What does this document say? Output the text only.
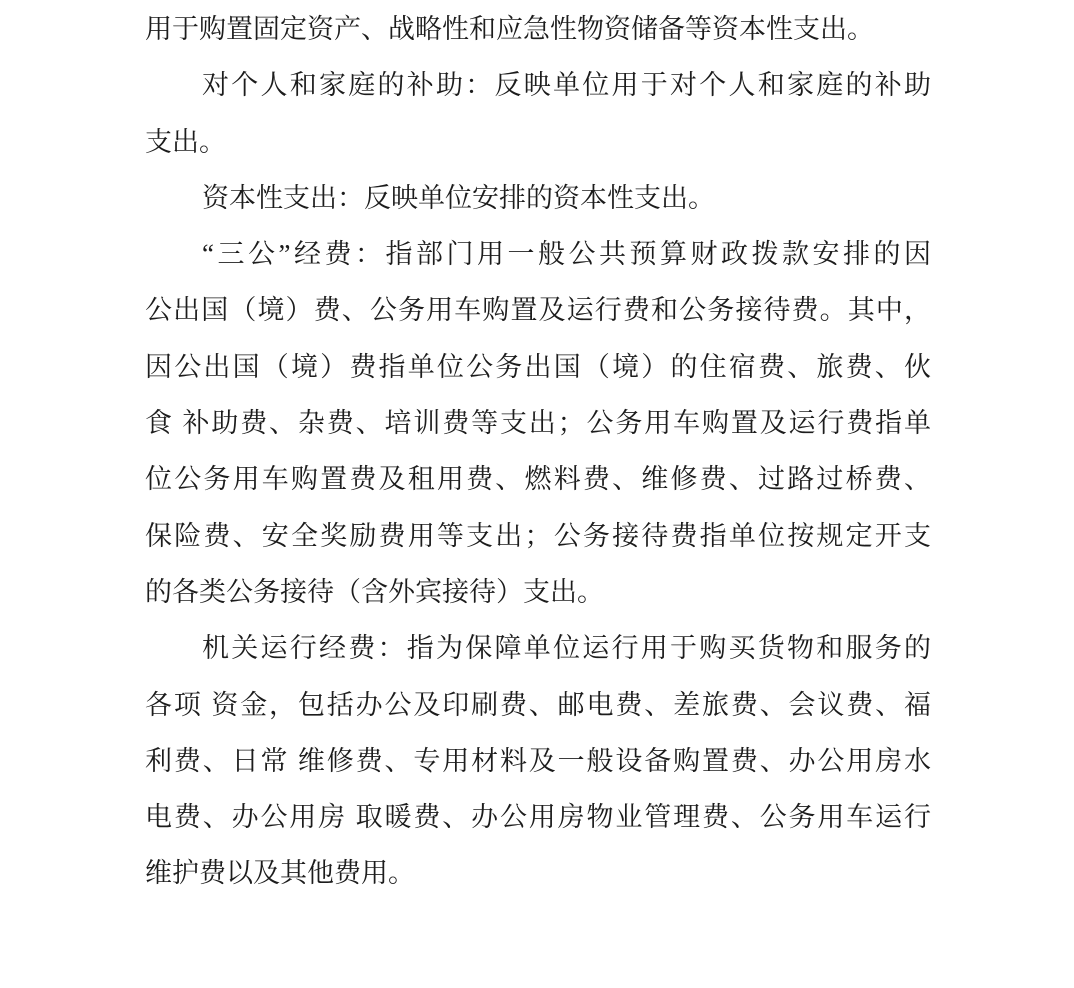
用于购置固定资产、战略性和应急性物资储备等资本性支出。
对个人和家庭的补助：反映单位用于对个人和家庭的补助
支出。
资本性支出：反映单位安排的资本性支出。
“三公”经费：指部门用一般公共预算财政拨款安排的因
公出国（境）费、公务用车购置及运行费和公务接待费。其中，
因公出国（境）费指单位公务出国（境）的住宿费、旅费、伙
食 补助费、杂费、培训费等支出；公务用车购置及运行费指单
位公务用车购置费及租用费、燃料费、维修费、过路过桥费、
保险费、安全奖励费用等支出；公务接待费指单位按规定开支
的各类公务接待（含外宾接待）支出。
机关运行经费：指为保障单位运行用于购买货物和服务的
各项 资金，包括办公及印刷费、邮电费、差旅费、会议费、福
利费、日常 维修费、专用材料及一般设备购置费、办公用房水
电费、办公用房 取暖费、办公用房物业管理费、公务用车运行
维护费以及其他费用。
